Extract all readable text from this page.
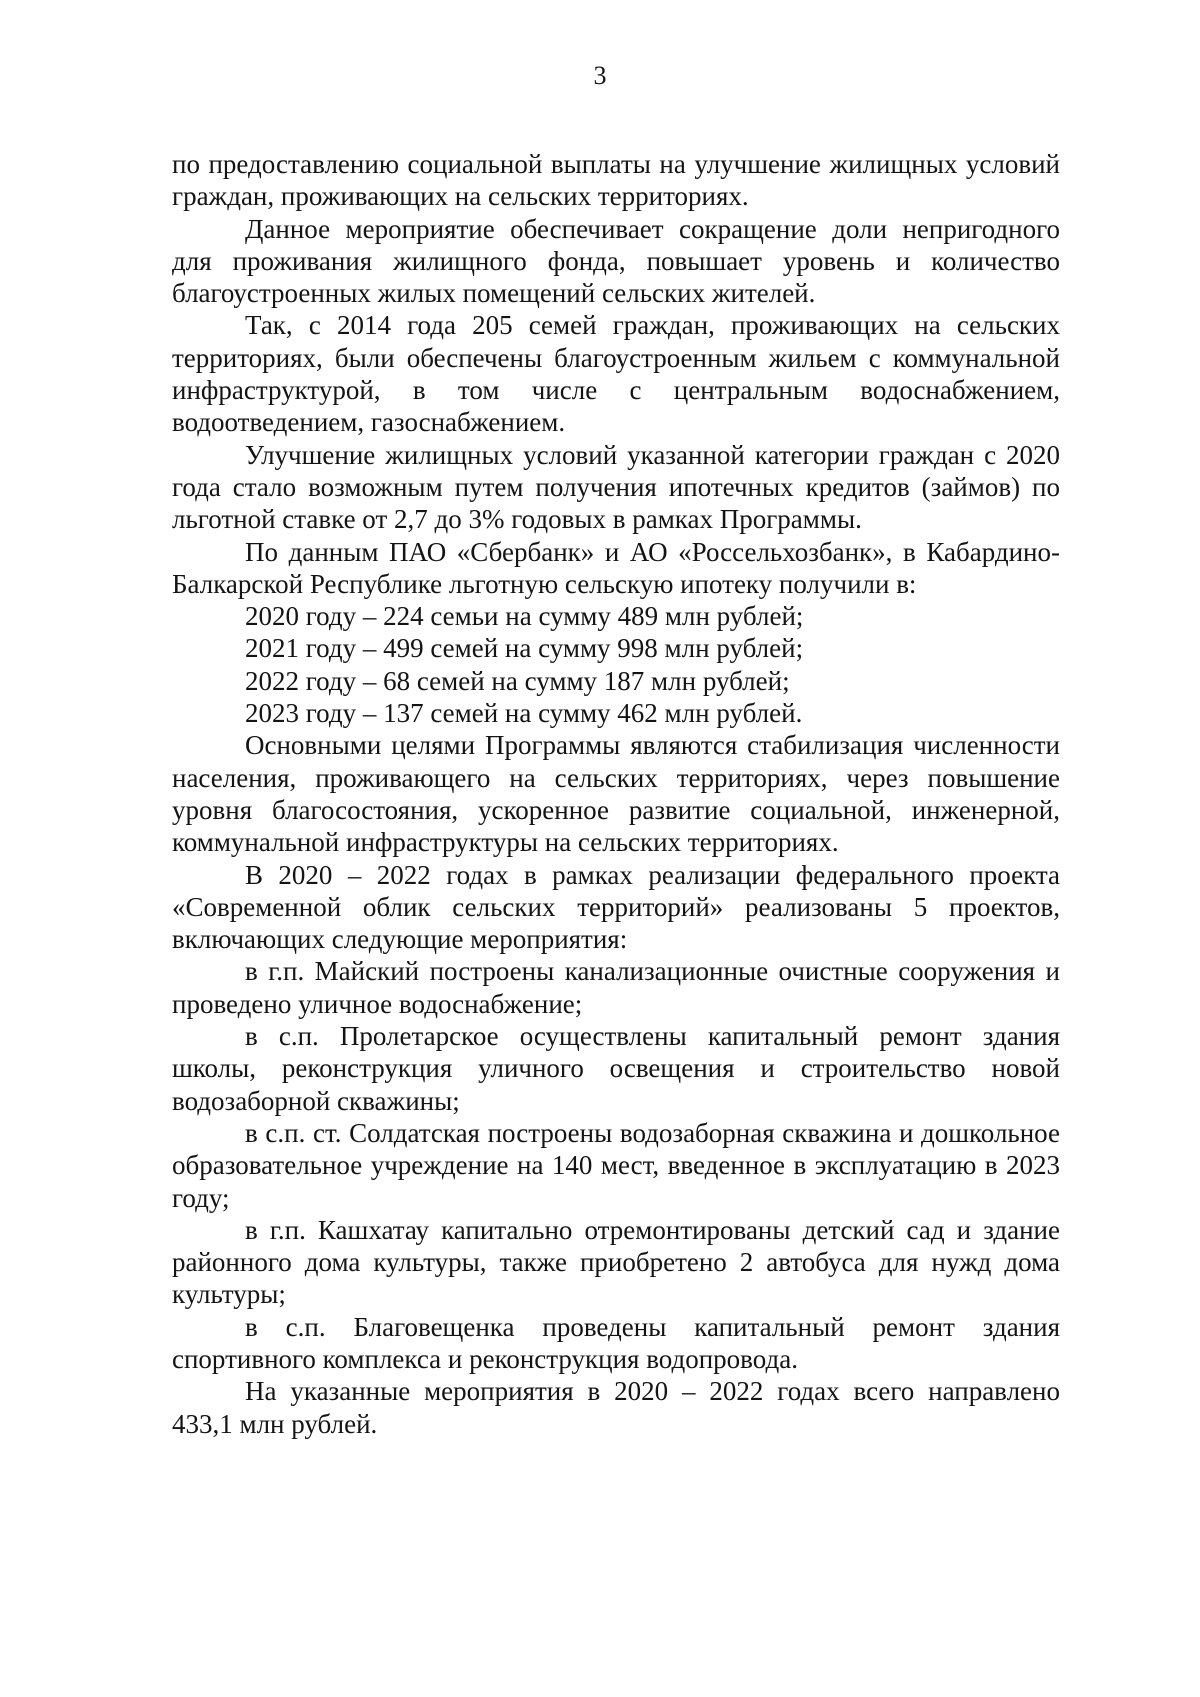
3

по предоставлению социальной выплаты на улучшение жилищных условий граждан, проживающих на сельских территориях.

Данное мероприятие обеспечивает сокращение доли непригодного для проживания жилищного фонда, повышает уровень и количество благоустроенных жилых помещений сельских жителей.

Так, с 2014 года 205 семей граждан, проживающих на сельских территориях, были обеспечены благоустроенным жильем с коммунальной инфраструктурой, в том числе с центральным водоснабжением, водоотведением, газоснабжением.

Улучшение жилищных условий указанной категории граждан с 2020 года стало возможным путем получения ипотечных кредитов (займов) по льготной ставке от 2,7 до 3% годовых в рамках Программы.

По данным ПАО «Сбербанк» и АО «Россельхозбанк», в Кабардино-Балкарской Республике льготную сельскую ипотеку получили в:

2020 году – 224 семьи на сумму 489 млн рублей;

2021 году – 499 семей на сумму 998 млн рублей;

2022 году – 68 семей на сумму 187 млн рублей;

2023 году – 137 семей на сумму 462 млн рублей.

Основными целями Программы являются стабилизация численности населения, проживающего на сельских территориях, через повышение уровня благосостояния, ускоренное развитие социальной, инженерной, коммунальной инфраструктуры на сельских территориях.

В 2020 – 2022 годах в рамках реализации федерального проекта «Современной облик сельских территорий» реализованы 5 проектов, включающих следующие мероприятия:

в г.п. Майский построены канализационные очистные сооружения и проведено уличное водоснабжение;

в с.п. Пролетарское осуществлены капитальный ремонт здания школы, реконструкция уличного освещения и строительство новой водозаборной скважины;

в с.п. ст. Солдатская построены водозаборная скважина и дошкольное образовательное учреждение на 140 мест, введенное в эксплуатацию в 2023 году;

в г.п. Кашхатау капитально отремонтированы детский сад и здание районного дома культуры, также приобретено 2 автобуса для нужд дома культуры;

в с.п. Благовещенка проведены капитальный ремонт здания спортивного комплекса и реконструкция водопровода.

На указанные мероприятия в 2020 – 2022 годах всего направлено 433,1 млн рублей.
